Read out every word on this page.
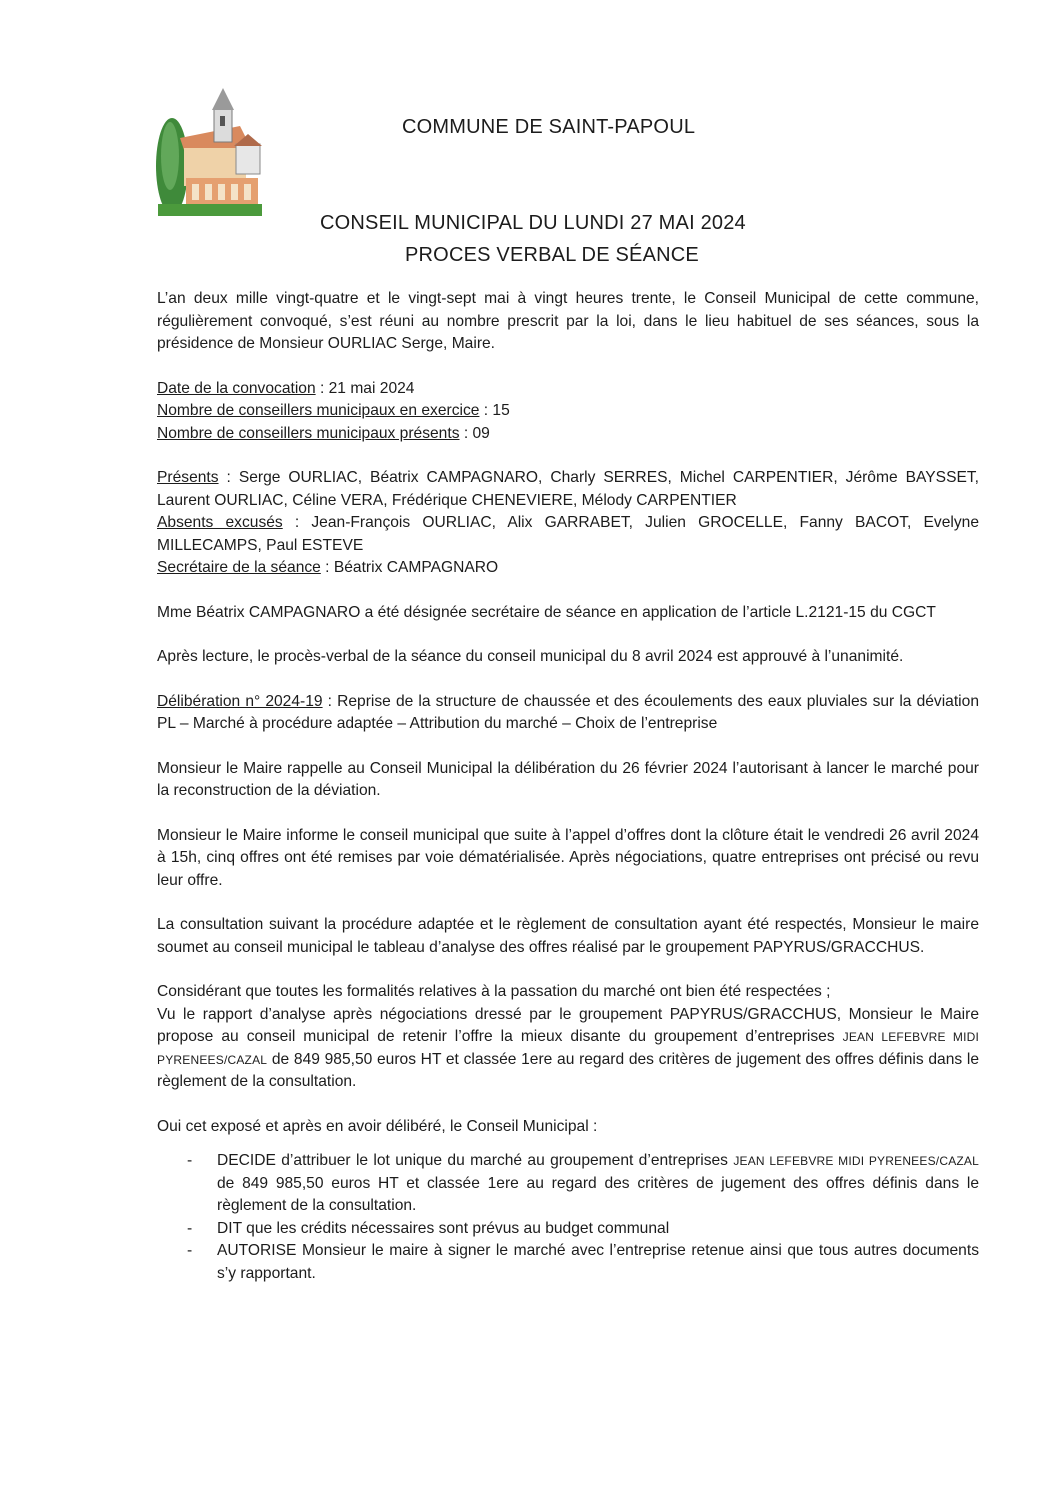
COMMUNE DE SAINT-PAPOUL
CONSEIL MUNICIPAL DU LUNDI 27 MAI 2024
PROCES VERBAL DE SÉANCE

L’an deux mille vingt-quatre et le vingt-sept mai à vingt heures trente, le Conseil Municipal de cette commune, régulièrement convoqué, s’est réuni au nombre prescrit par la loi, dans le lieu habituel de ses séances, sous la présidence de Monsieur OURLIAC Serge, Maire.

Date de la convocation : 21 mai 2024

Nombre de conseillers municipaux en exercice : 15

Nombre de conseillers municipaux présents : 09

Présents : Serge OURLIAC, Béatrix CAMPAGNARO, Charly SERRES, Michel CARPENTIER, Jérôme BAYSSET, Laurent OURLIAC, Céline VERA, Frédérique CHENEVIERE, Mélody CARPENTIER

Absents excusés : Jean-François OURLIAC, Alix GARRABET, Julien GROCELLE, Fanny BACOT, Evelyne MILLECAMPS, Paul ESTEVE

Secrétaire de la séance : Béatrix CAMPAGNARO

Mme Béatrix CAMPAGNARO a été désignée secrétaire de séance en application de l’article L.2121-15 du CGCT

Après lecture, le procès-verbal de la séance du conseil municipal du 8 avril 2024 est approuvé à l’unanimité.

Délibération n° 2024-19 : Reprise de la structure de chaussée et des écoulements des eaux pluviales sur la déviation PL – Marché à procédure adaptée – Attribution du marché – Choix de l’entreprise

Monsieur le Maire rappelle au Conseil Municipal la délibération du 26 février 2024 l’autorisant à lancer le marché pour la reconstruction de la déviation.

Monsieur le Maire informe le conseil municipal que suite à l’appel d’offres dont la clôture était le vendredi 26 avril 2024 à 15h, cinq offres ont été remises par voie dématérialisée. Après négociations, quatre entreprises ont précisé ou revu leur offre.

La consultation suivant la procédure adaptée et le règlement de consultation ayant été respectés, Monsieur le maire soumet au conseil municipal le tableau d’analyse des offres réalisé par le groupement PAPYRUS/GRACCHUS.

Considérant que toutes les formalités relatives à la passation du marché ont bien été respectées ;

Vu le rapport d’analyse après négociations dressé par le groupement PAPYRUS/GRACCHUS, Monsieur le Maire propose au conseil municipal de retenir l’offre la mieux disante du groupement d’entreprises JEAN LEFEBVRE MIDI PYRENEES/CAZAL de 849 985,50 euros HT et classée 1ere au regard des critères de jugement des offres définis dans le règlement de la consultation.

Oui cet exposé et après en avoir délibéré, le Conseil Municipal :

- DECIDE d’attribuer le lot unique du marché au groupement d’entreprises JEAN LEFEBVRE MIDI PYRENEES/CAZAL de 849 985,50 euros HT et classée 1ere au regard des critères de jugement des offres définis dans le règlement de la consultation.
- DIT que les crédits nécessaires sont prévus au budget communal
- AUTORISE Monsieur le maire à signer le marché avec l’entreprise retenue ainsi que tous autres documents s’y rapportant.
